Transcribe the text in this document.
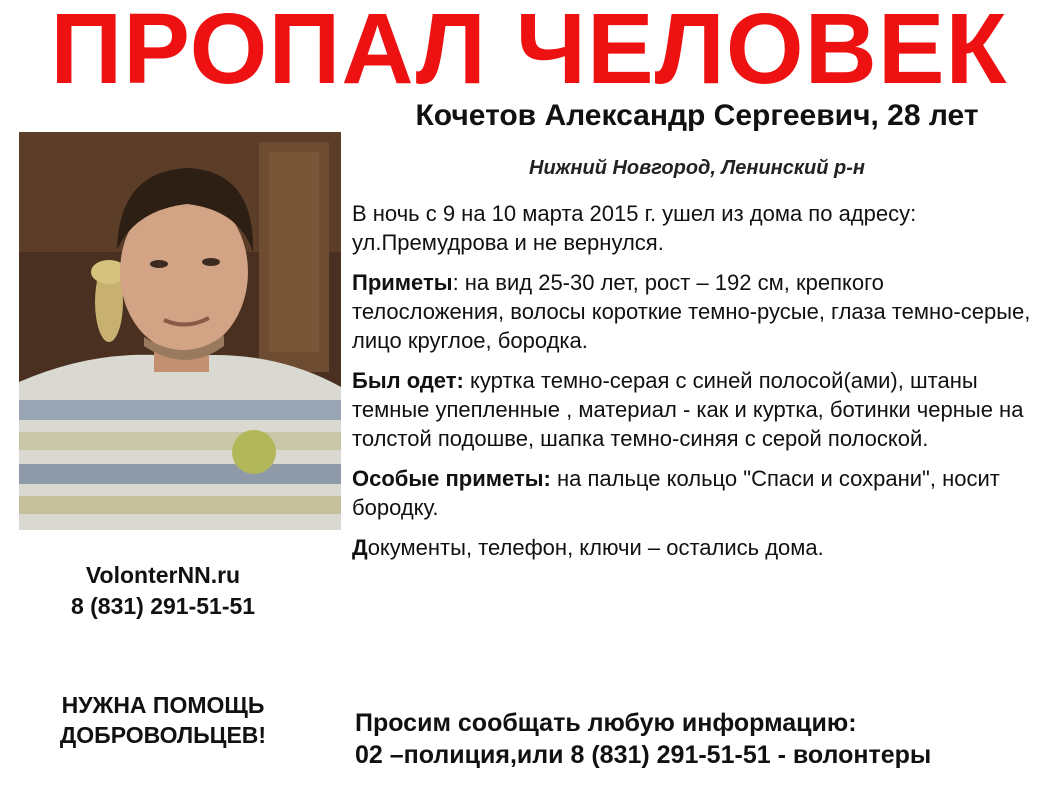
ПРОПАЛ ЧЕЛОВЕК
Кочетов Александр Сергеевич, 28 лет
Нижний Новгород, Ленинский р-н

В ночь с 9 на 10 марта 2015 г. ушел из дома по адресу: ул.Премудрова и не вернулся.

Приметы: на вид 25-30 лет, рост – 192 см, крепкого телосложения, волосы короткие темно-русые, глаза темно-серые, лицо круглое, бородка.

Был одет: куртка темно-серая с синей полосой(ами), штаны темные упепленные , материал - как и куртка, ботинки черные на толстой подошве, шапка темно-синяя с серой полоской.

Особые приметы: на пальце кольцо "Спаси и сохрани", носит бородку.

Документы, телефон, ключи – остались дома.

VolonterNN.ru
8 (831) 291-51-51
НУЖНА ПОМОЩЬ
ДОБРОВОЛЬЦЕВ!	Просим сообщать любую информацию:
02 –полиция,или 8 (831) 291-51-51 - волонтеры
